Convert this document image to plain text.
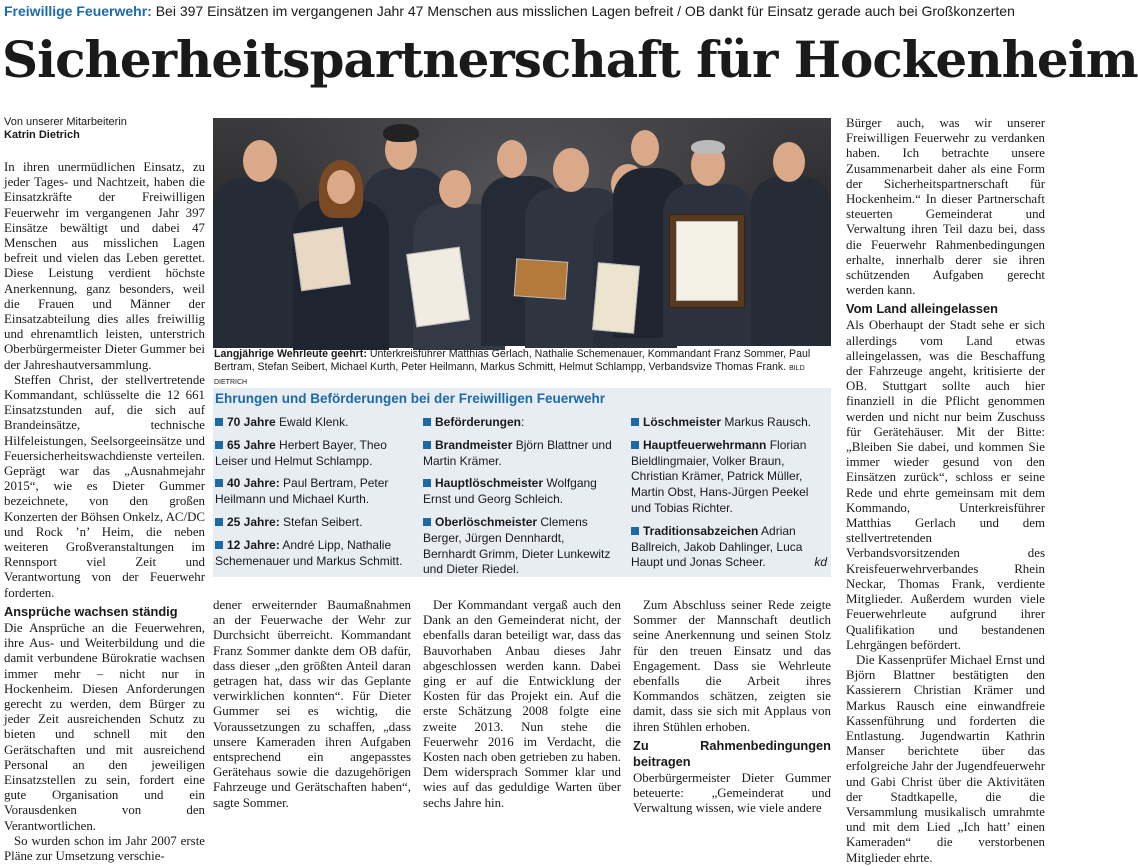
Freiwillige Feuerwehr: Bei 397 Einsätzen im vergangenen Jahr 47 Menschen aus misslichen Lagen befreit / OB dankt für Einsatz gerade auch bei Großkonzerten
Sicherheitspartnerschaft für Hockenheim
Von unserer Mitarbeiterin
Katrin Dietrich

In ihren unermüdlichen Einsatz, zu jeder Tages- und Nachtzeit, haben die Einsatzkräfte der Freiwilligen Feuerwehr im vergangenen Jahr 397 Einsätze bewältigt und dabei 47 Menschen aus misslichen Lagen befreit und vielen das Leben gerettet. Diese Leistung verdient höchste Anerkennung, ganz besonders, weil die Frauen und Männer der Einsatzabteilung dies alles freiwillig und ehrenamtlich leisten, unterstrich Oberbürgermeister Dieter Gummer bei der Jahreshautversammlung.

Steffen Christ, der stellvertretende Kommandant, schlüsselte die 12 661 Einsatzstunden auf, die sich auf Brandeinsätze, technische Hilfeleistungen, Seelsorgeeinsätze und Feuersicherheitswachdienste verteilen. Geprägt war das „Ausnahmejahr 2015“, wie es Dieter Gummer bezeichnete, von den großen Konzerten der Böhsen Onkelz, AC/DC und Rock ’n’ Heim, die neben weiteren Großveranstaltungen im Rennsport viel Zeit und Verantwortung von der Feuerwehr forderten.

Ansprüche wachsen ständig

Die Ansprüche an die Feuerwehren, ihre Aus- und Weiterbildung und die damit verbundene Bürokratie wachsen immer mehr – nicht nur in Hockenheim. Diesen Anforderungen gerecht zu werden, dem Bürger zu jeder Zeit ausreichenden Schutz zu bieten und schnell mit den Gerätschaften und mit ausreichend Personal an den jeweiligen Einsatzstellen zu sein, fordert eine gute Organisation und ein Vorausdenken von den Verantwortlichen.

So wurden schon im Jahr 2007 erste Pläne zur Umsetzung verschie-

Langjährige Wehrleute geehrt: Unterkreisführer Matthias Gerlach, Nathalie Schemenauer, Kommandant Franz Sommer, Paul Bertram, Stefan Seibert, Michael Kurth, Peter Heilmann, Markus Schmitt, Helmut Schlampp, Verbandsvize Thomas Frank. BILD DIETRICH
Ehrungen und Beförderungen bei der Freiwilligen Feuerwehr
70 Jahre Ewald Klenk.
65 Jahre Herbert Bayer, Theo Leiser und Helmut Schlampp.
40 Jahre: Paul Bertram, Peter Heilmann und Michael Kurth.
25 Jahre: Stefan Seibert.
12 Jahre: André Lipp, Nathalie Schemenauer und Markus Schmitt.
Beförderungen:
Brandmeister Björn Blattner und Martin Krämer.
Hauptlöschmeister Wolfgang Ernst und Georg Schleich.
Oberlöschmeister Clemens Berger, Jürgen Dennhardt, Bernhardt Grimm, Dieter Lunkewitz und Dieter Riedel.
Löschmeister Markus Rausch.
Hauptfeuerwehrmann Florian Bieldlingmaier, Volker Braun, Christian Krämer, Patrick Müller, Martin Obst, Hans-Jürgen Peekel und Tobias Richter.
Traditionsabzeichen Adrian Ballreich, Jakob Dahlinger, Luca Haupt und Jonas Scheer.	kd

dener erweiternder Baumaßnahmen an der Feuerwache der Wehr zur Durchsicht überreicht. Kommandant Franz Sommer dankte dem OB dafür, dass dieser „den größten Anteil daran getragen hat, dass wir das Geplante verwirklichen konnten“. Für Dieter Gummer sei es wichtig, die Voraussetzungen zu schaffen, „dass unsere Kameraden ihren Aufgaben entsprechend ein angepasstes Gerätehaus sowie die dazugehörigen Fahrzeuge und Gerätschaften haben“, sagte Sommer.

Der Kommandant vergaß auch den Dank an den Gemeinderat nicht, der ebenfalls daran beteiligt war, dass das Bauvorhaben Anbau dieses Jahr abgeschlossen werden kann. Dabei ging er auf die Entwicklung der Kosten für das Projekt ein. Auf die erste Schätzung 2008 folgte eine zweite 2013. Nun stehe die Feuerwehr 2016 im Verdacht, die Kosten nach oben getrieben zu haben. Dem widersprach Sommer klar und wies auf das geduldige Warten über sechs Jahre hin.

Zum Abschluss seiner Rede zeigte Sommer der Mannschaft deutlich seine Anerkennung und seinen Stolz für den treuen Einsatz und das Engagement. Dass sie Wehrleute ebenfalls die Arbeit ihres Kommandos schätzen, zeigten sie damit, dass sie sich mit Applaus von ihren Stühlen erhoben.

Zu Rahmenbedingungen beitragen

Oberbürgermeister Dieter Gummer beteuerte: „Gemeinderat und Verwaltung wissen, wie viele andere

Bürger auch, was wir unserer Freiwilligen Feuerwehr zu verdanken haben. Ich betrachte unsere Zusammenarbeit daher als eine Form der Sicherheitspartnerschaft für Hockenheim.“ In dieser Partnerschaft steuerten Gemeinderat und Verwaltung ihren Teil dazu bei, dass die Feuerwehr Rahmenbedingungen erhalte, innerhalb derer sie ihren schützenden Aufgaben gerecht werden kann.

Vom Land alleingelassen

Als Oberhaupt der Stadt sehe er sich allerdings vom Land etwas alleingelassen, was die Beschaffung der Fahrzeuge angeht, kritisierte der OB. Stuttgart sollte auch hier finanziell in die Pflicht genommen werden und nicht nur beim Zuschuss für Gerätehäuser. Mit der Bitte: „Bleiben Sie dabei, und kommen Sie immer wieder gesund von den Einsätzen zurück“, schloss er seine Rede und ehrte gemeinsam mit dem Kommando, Unterkreisführer Matthias Gerlach und dem stellvertretenden Verbandsvorsitzenden des Kreisfeuerwehrverbandes Rhein Neckar, Thomas Frank, verdiente Mitglieder. Außerdem wurden viele Feuerwehrleute aufgrund ihrer Qualifikation und bestandenen Lehrgängen befördert.

Die Kassenprüfer Michael Ernst und Björn Blattner bestätigten den Kassierern Christian Krämer und Markus Rausch eine einwandfreie Kassenführung und forderten die Entlastung. Jugendwartin Kathrin Manser berichtete über das erfolgreiche Jahr der Jugendfeuerwehr und Gabi Christ über die Aktivitäten der Stadtkapelle, die die Versammlung musikalisch umrahmte und mit dem Lied „Ich hatt’ einen Kameraden“ die verstorbenen Mitglieder ehrte.
